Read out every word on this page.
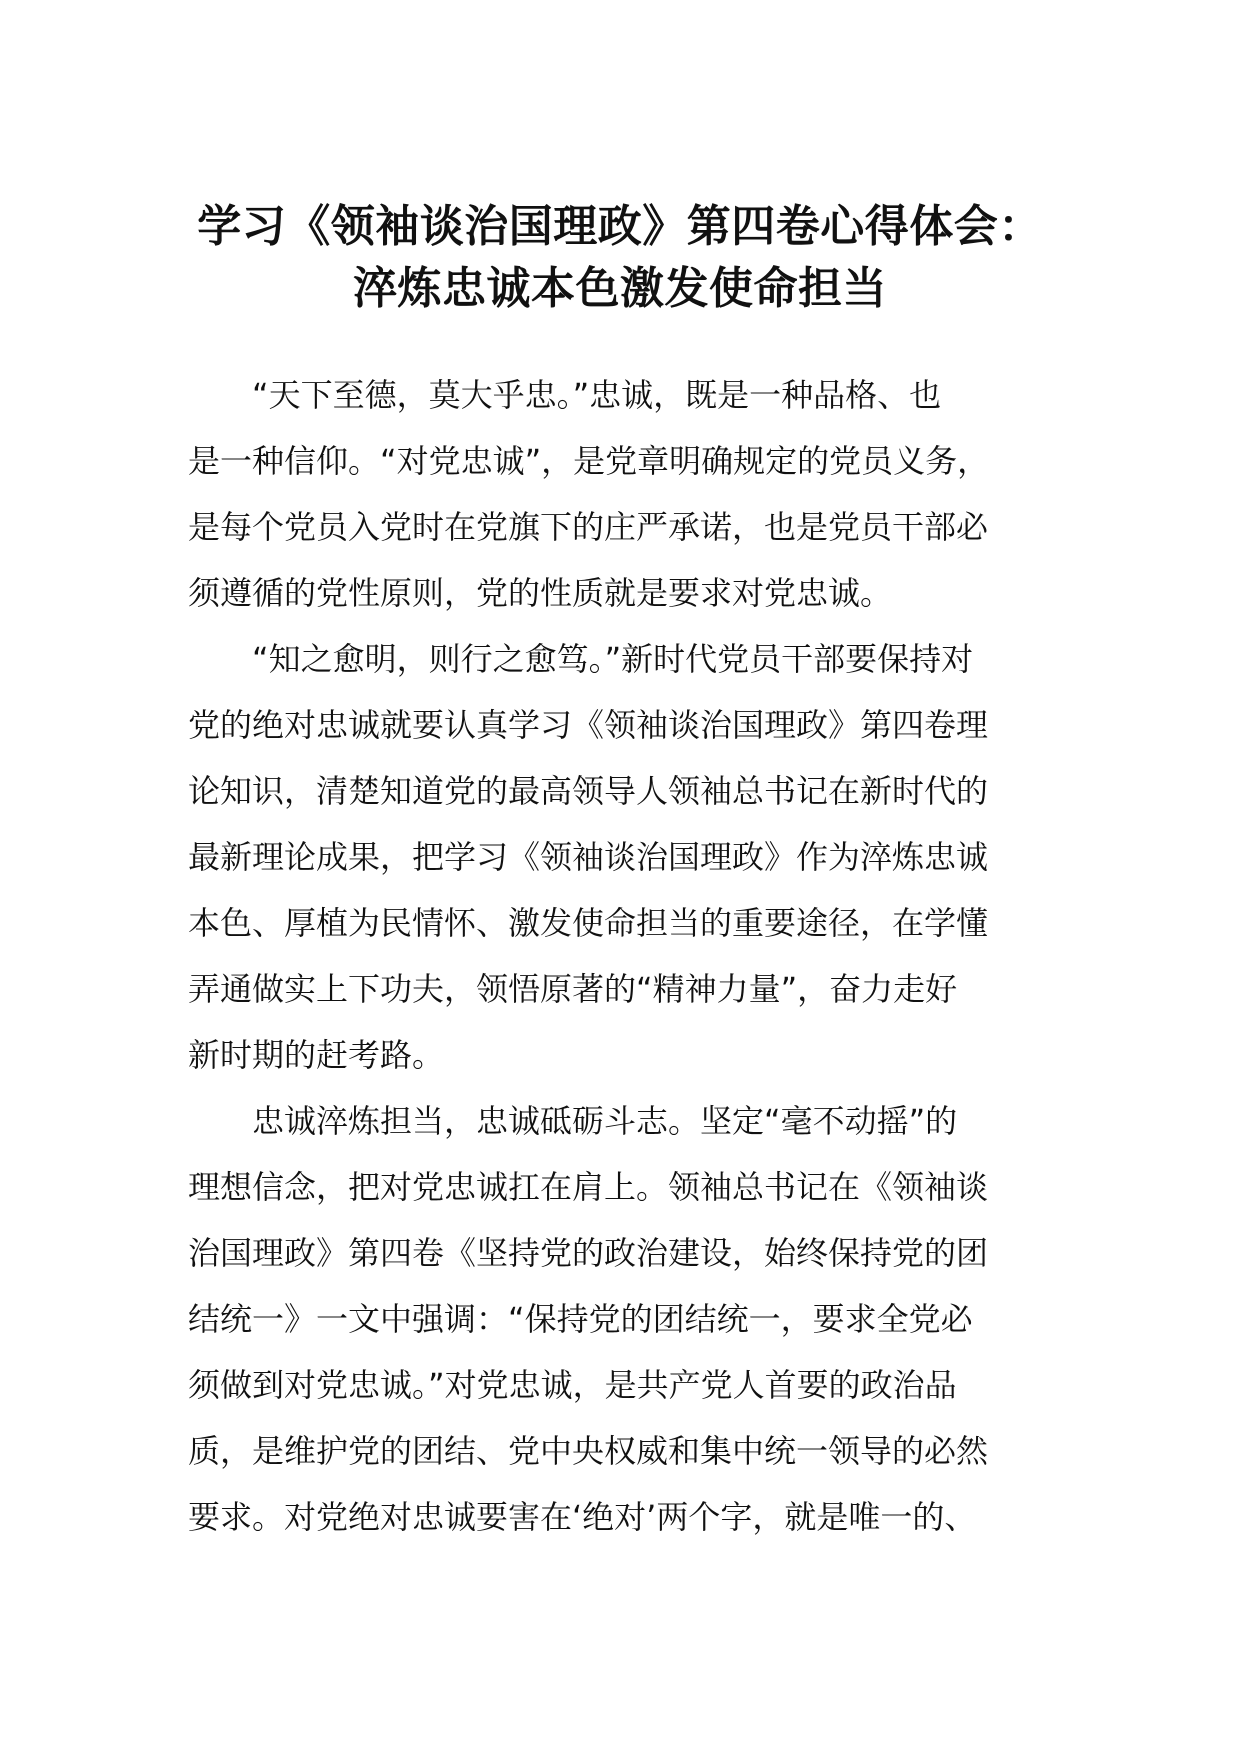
学习《领袖谈治国理政》第四卷心得体会：
淬炼忠诚本色激发使命担当
　　“天下至德，莫大乎忠。”忠诚，既是一种品格、也
是一种信仰。“对党忠诚”，是党章明确规定的党员义务，
是每个党员入党时在党旗下的庄严承诺，也是党员干部必
须遵循的党性原则，党的性质就是要求对党忠诚。
　　“知之愈明，则行之愈笃。”新时代党员干部要保持对
党的绝对忠诚就要认真学习《领袖谈治国理政》第四卷理
论知识，清楚知道党的最高领导人领袖总书记在新时代的
最新理论成果，把学习《领袖谈治国理政》作为淬炼忠诚
本色、厚植为民情怀、激发使命担当的重要途径，在学懂
弄通做实上下功夫，领悟原著的“精神力量”，奋力走好
新时期的赶考路。
　　忠诚淬炼担当，忠诚砥砺斗志。坚定“毫不动摇”的
理想信念，把对党忠诚扛在肩上。领袖总书记在《领袖谈
治国理政》第四卷《坚持党的政治建设，始终保持党的团
结统一》一文中强调：“保持党的团结统一，要求全党必
须做到对党忠诚。”对党忠诚，是共产党人首要的政治品
质，是维护党的团结、党中央权威和集中统一领导的必然
要求。对党绝对忠诚要害在‘绝对’两个字，就是唯一的、
